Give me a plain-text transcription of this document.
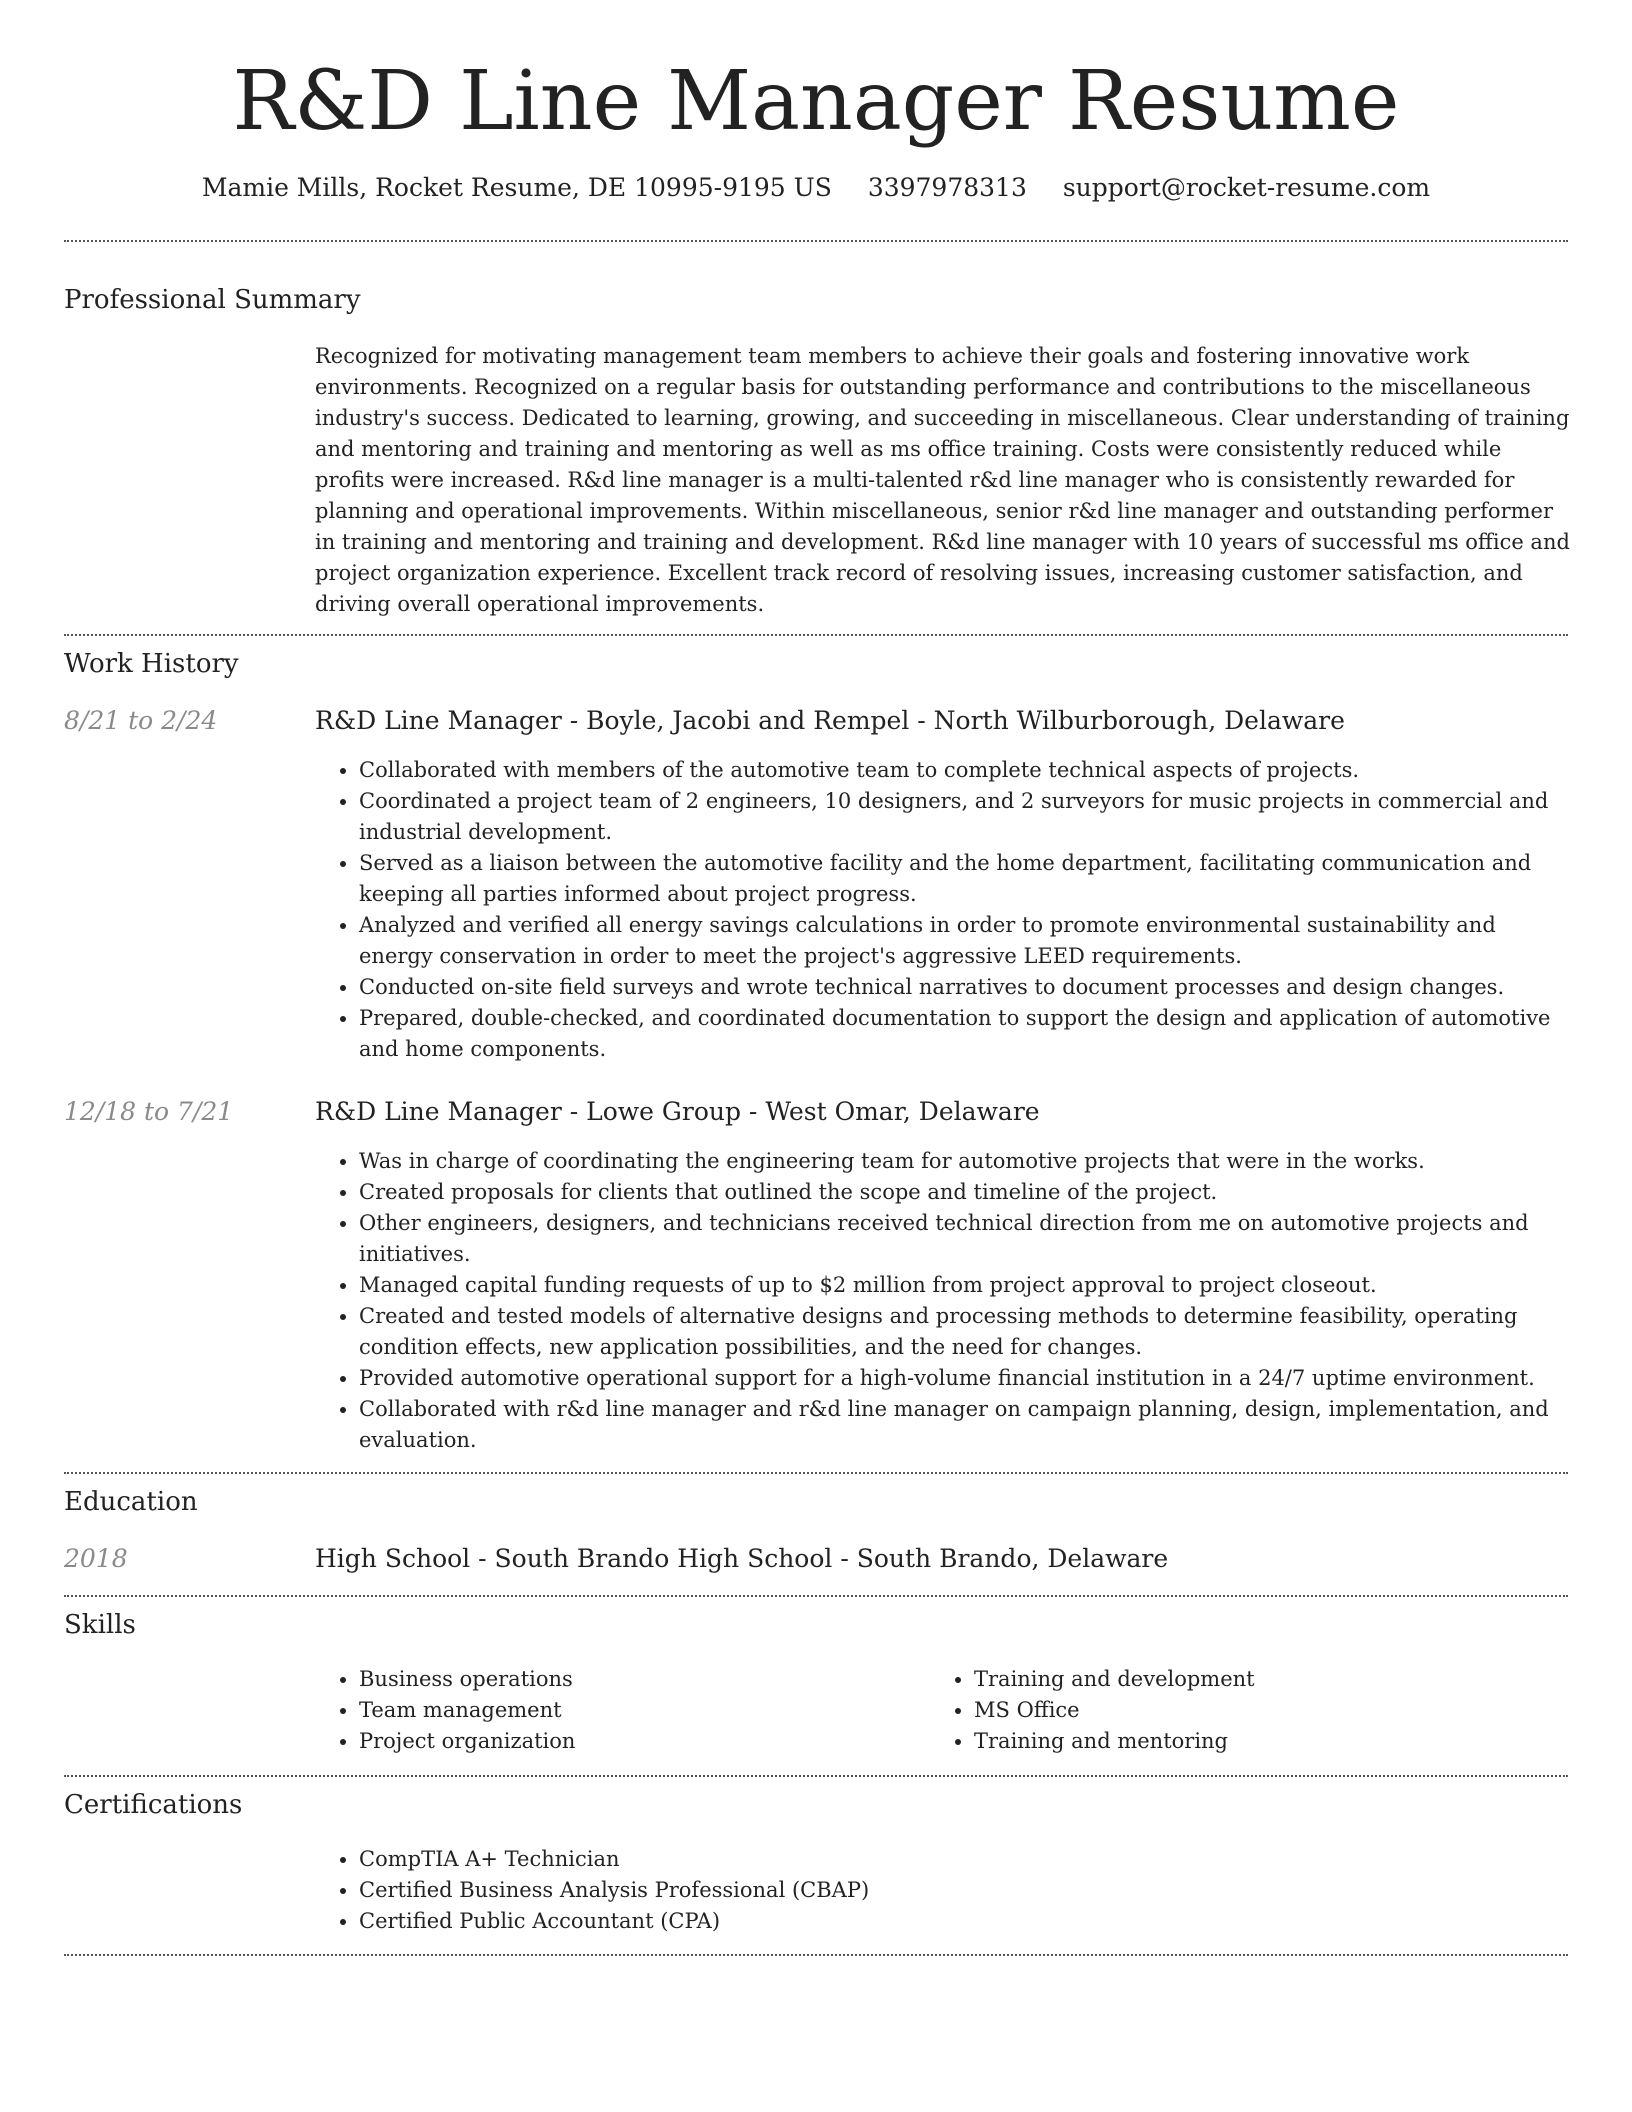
R&D Line Manager Resume
Mamie Mills, Rocket Resume, DE 10995-9195 US 3397978313 support@rocket-resume.com
Professional Summary

Recognized for motivating management team members to achieve their goals and fostering innovative work environments. Recognized on a regular basis for outstanding performance and contributions to the miscellaneous industry's success. Dedicated to learning, growing, and succeeding in miscellaneous. Clear understanding of training and mentoring and training and mentoring as well as ms office training. Costs were consistently reduced while profits were increased. R&d line manager is a multi-talented r&d line manager who is consistently rewarded for planning and operational improvements. Within miscellaneous, senior r&d line manager and outstanding performer in training and mentoring and training and development. R&d line manager with 10 years of successful ms office and project organization experience. Excellent track record of resolving issues, increasing customer satisfaction, and driving overall operational improvements.

Work History
8/21 to 2/24	R&D Line Manager - Boyle, Jacobi and Rempel - North Wilburborough, Delaware
• Collaborated with members of the automotive team to complete technical aspects of projects.
• Coordinated a project team of 2 engineers, 10 designers, and 2 surveyors for music projects in commercial and industrial development.
• Served as a liaison between the automotive facility and the home department, facilitating communication and keeping all parties informed about project progress.
• Analyzed and verified all energy savings calculations in order to promote environmental sustainability and energy conservation in order to meet the project's aggressive LEED requirements.
• Conducted on-site field surveys and wrote technical narratives to document processes and design changes.
• Prepared, double-checked, and coordinated documentation to support the design and application of automotive and home components.
12/18 to 7/21	R&D Line Manager - Lowe Group - West Omar, Delaware
• Was in charge of coordinating the engineering team for automotive projects that were in the works.
• Created proposals for clients that outlined the scope and timeline of the project.
• Other engineers, designers, and technicians received technical direction from me on automotive projects and initiatives.
• Managed capital funding requests of up to $2 million from project approval to project closeout.
• Created and tested models of alternative designs and processing methods to determine feasibility, operating condition effects, new application possibilities, and the need for changes.
• Provided automotive operational support for a high-volume financial institution in a 24/7 uptime environment.
• Collaborated with r&d line manager and r&d line manager on campaign planning, design, implementation, and evaluation.
Education
2018	High School - South Brando High School - South Brando, Delaware
Skills
• Business operations
• Team management
• Project organization
• Training and development
• MS Office
• Training and mentoring
Certifications
• CompTIA A+ Technician
• Certified Business Analysis Professional (CBAP)
• Certified Public Accountant (CPA)
